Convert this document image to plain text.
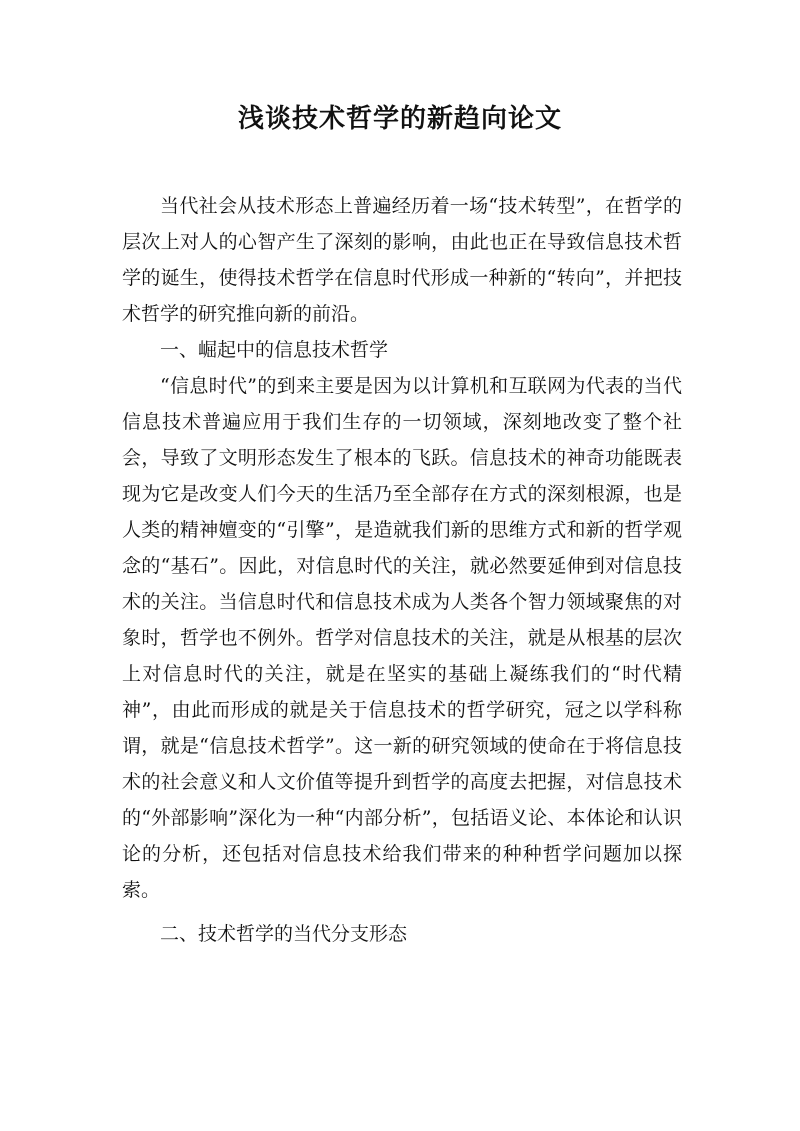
浅谈技术哲学的新趋向论文

当代社会从技术形态上普遍经历着一场“技术转型”，在哲学的层次上对人的心智产生了深刻的影响，由此也正在导致信息技术哲学的诞生，使得技术哲学在信息时代形成一种新的“转向”，并把技术哲学的研究推向新的前沿。

一、崛起中的信息技术哲学

“信息时代”的到来主要是因为以计算机和互联网为代表的当代信息技术普遍应用于我们生存的一切领域，深刻地改变了整个社会，导致了文明形态发生了根本的飞跃。信息技术的神奇功能既表现为它是改变人们今天的生活乃至全部存在方式的深刻根源，也是人类的精神嬗变的“引擎”，是造就我们新的思维方式和新的哲学观念的“基石”。因此，对信息时代的关注，就必然要延伸到对信息技术的关注。当信息时代和信息技术成为人类各个智力领域聚焦的对象时，哲学也不例外。哲学对信息技术的关注，就是从根基的层次上对信息时代的关注，就是在坚实的基础上凝练我们的“时代精神”，由此而形成的就是关于信息技术的哲学研究，冠之以学科称谓，就是“信息技术哲学”。这一新的研究领域的使命在于将信息技术的社会意义和人文价值等提升到哲学的高度去把握，对信息技术的“外部影响”深化为一种“内部分析”，包括语义论、本体论和认识论的分析，还包括对信息技术给我们带来的种种哲学问题加以探索。

二、技术哲学的当代分支形态
